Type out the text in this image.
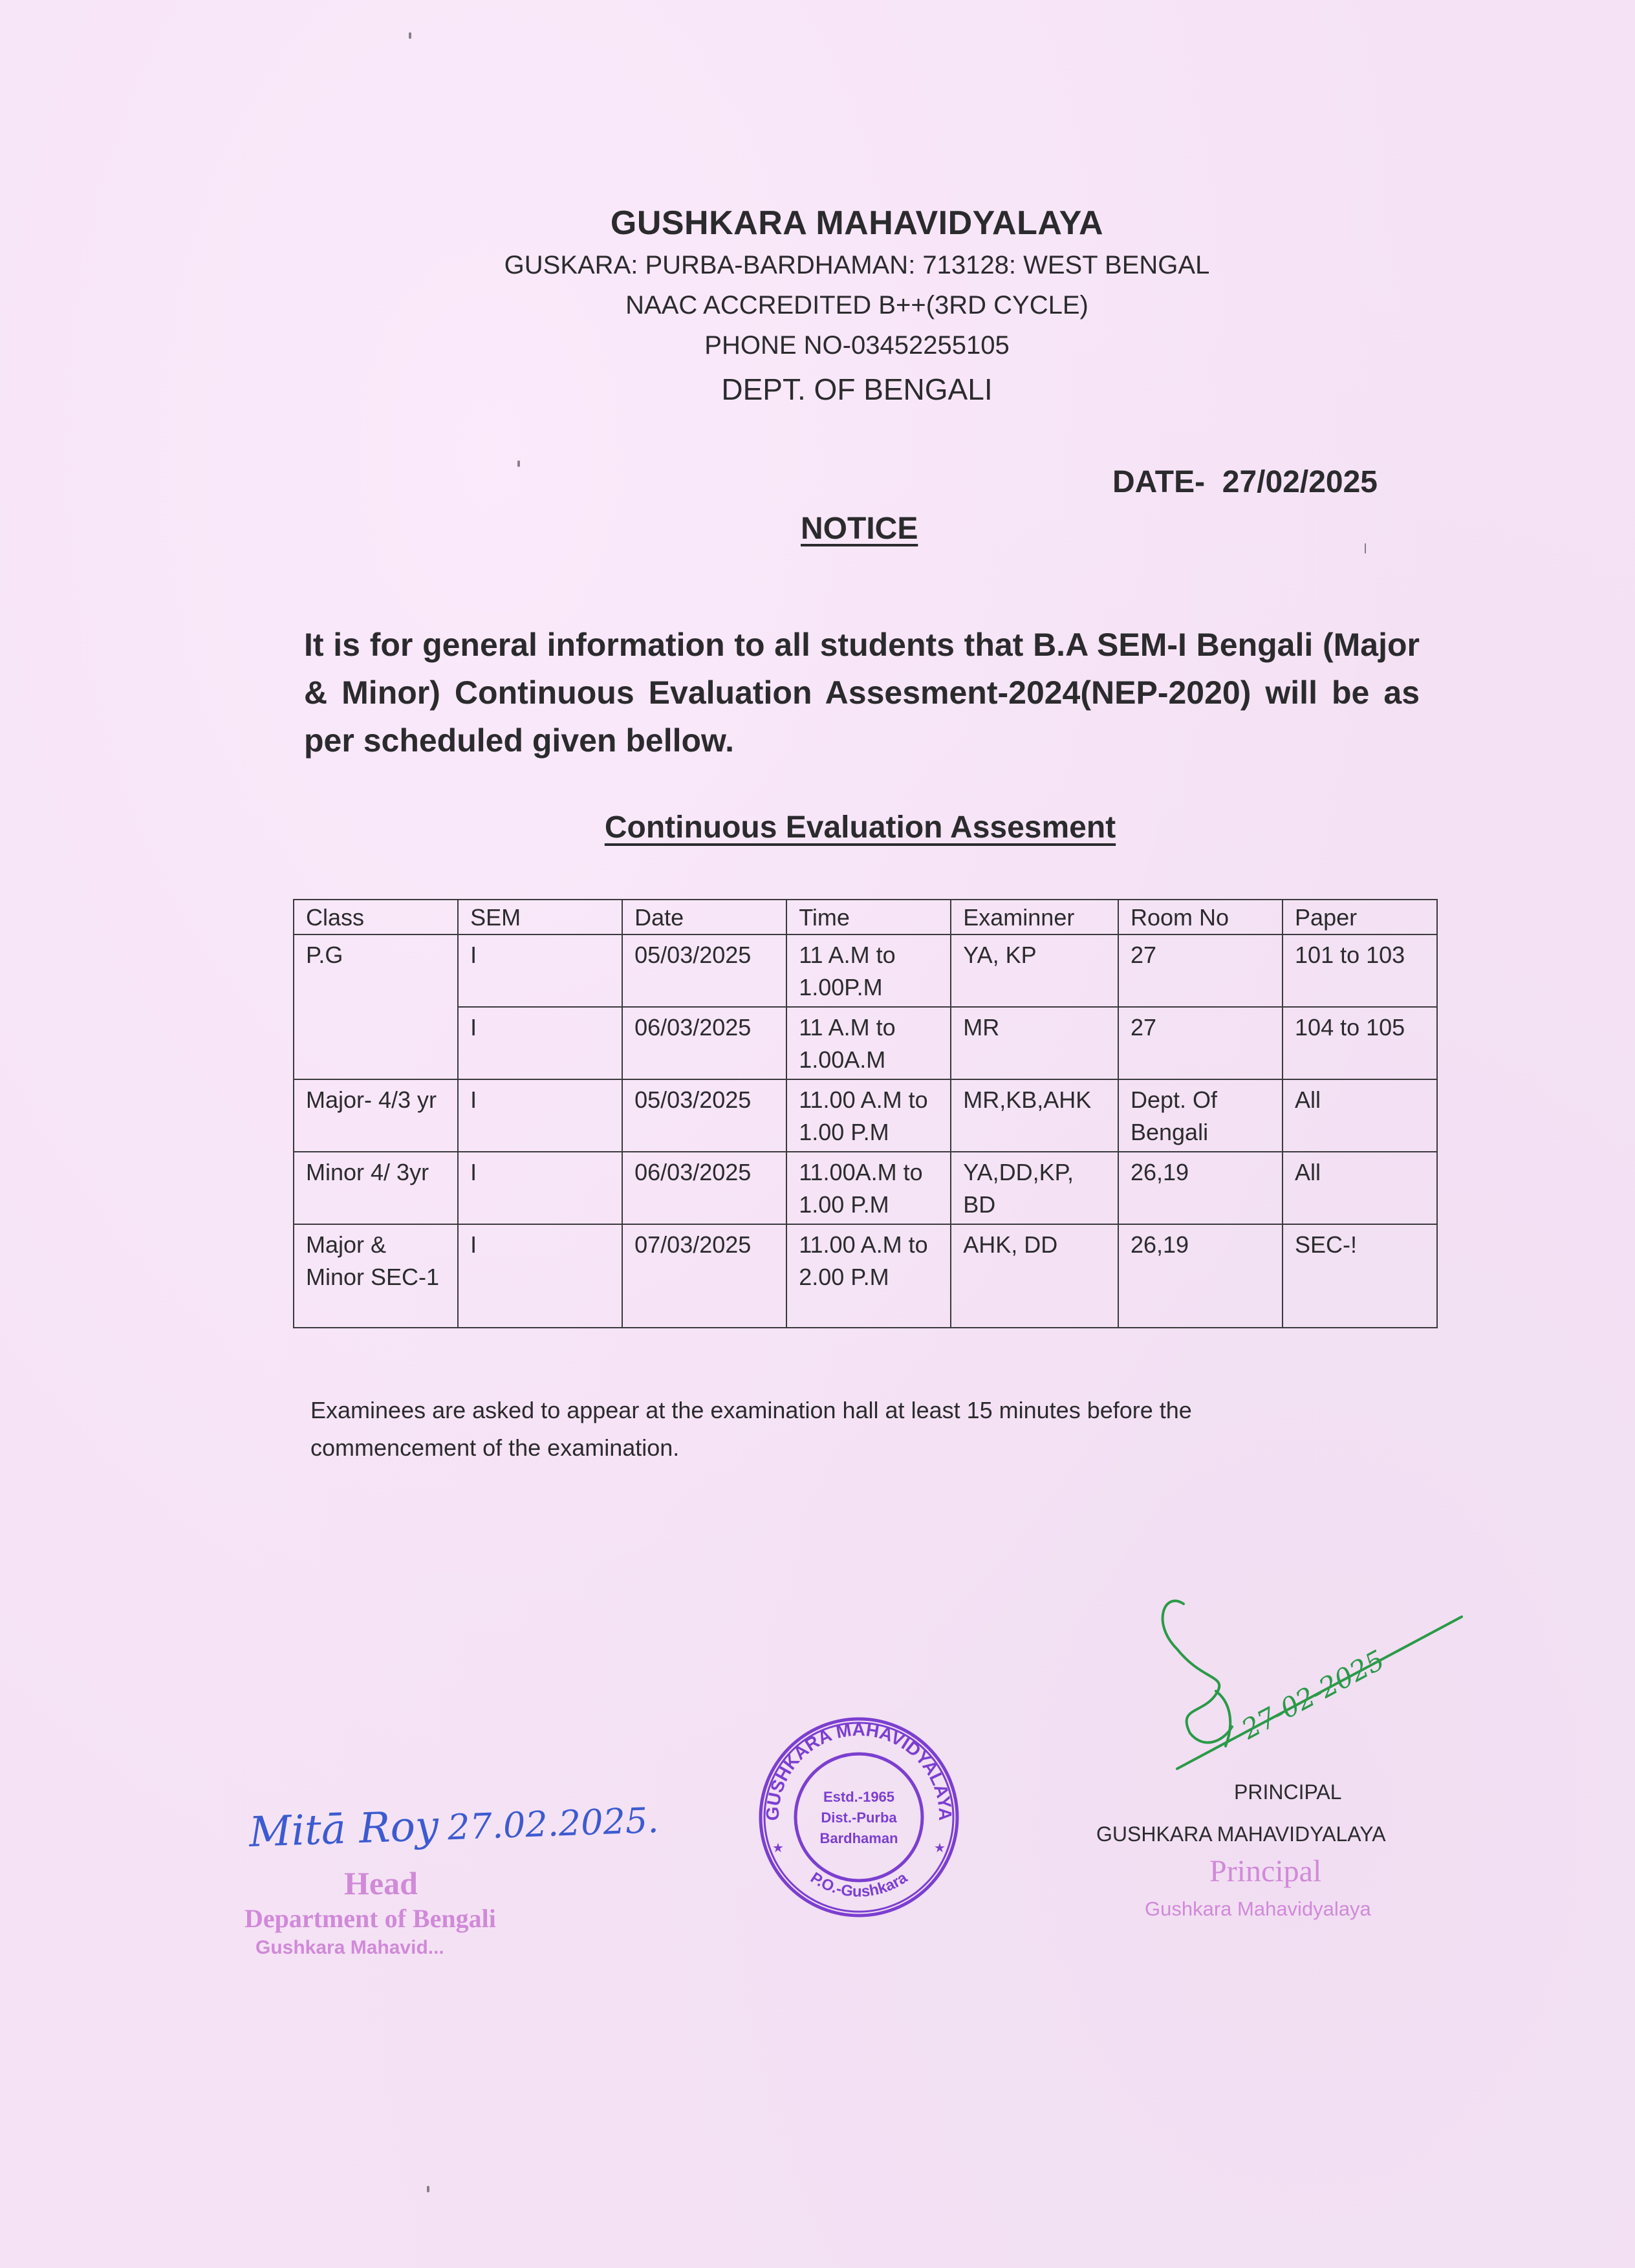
GUSHKARA MAHAVIDYALAYA
GUSKARA: PURBA-BARDHAMAN: 713128: WEST BENGAL
NAAC ACCREDITED B++(3RD CYCLE)
PHONE NO-03452255105
DEPT. OF BENGALI
DATE-  27/02/2025
NOTICE
It is for general information to all students that B.A SEM-I Bengali (Major & Minor) Continuous Evaluation Assesment-2024(NEP-2020) will be as per scheduled given bellow.
Continuous Evaluation Assesment
Class	SEM	Date	Time	Examinner	Room No	Paper
P.G	I	05/03/2025	11 A.M to 1.00P.M	YA, KP	27	101 to 103
	I	06/03/2025	11 A.M to 1.00A.M	MR	27	104 to 105
Major- 4/3 yr	I	05/03/2025	11.00 A.M to 1.00 P.M	MR,KB,AHK	Dept. Of Bengali	All
Minor 4/ 3yr	I	06/03/2025	11.00A.M to 1.00 P.M	YA,DD,KP, BD	26,19	All
Major & Minor SEC-1	I	07/03/2025	11.00 A.M to 2.00 P.M	AHK, DD	26,19	SEC-!
Examinees are asked to appear at the examination hall at least 15 minutes before the commencement of the examination.
Mitā Roy 27.02.2025.
Head
Department of Bengali
Gushkara Mahavid...
GUSHKARA MAHAVIDYALAYA
P.O.-Gushkara
★	★
Estd.-1965
Dist.-Purba
Bardhaman
27-02-2025
PRINCIPAL
GUSHKARA MAHAVIDYALAYA
Principal
Gushkara Mahavidyalaya
